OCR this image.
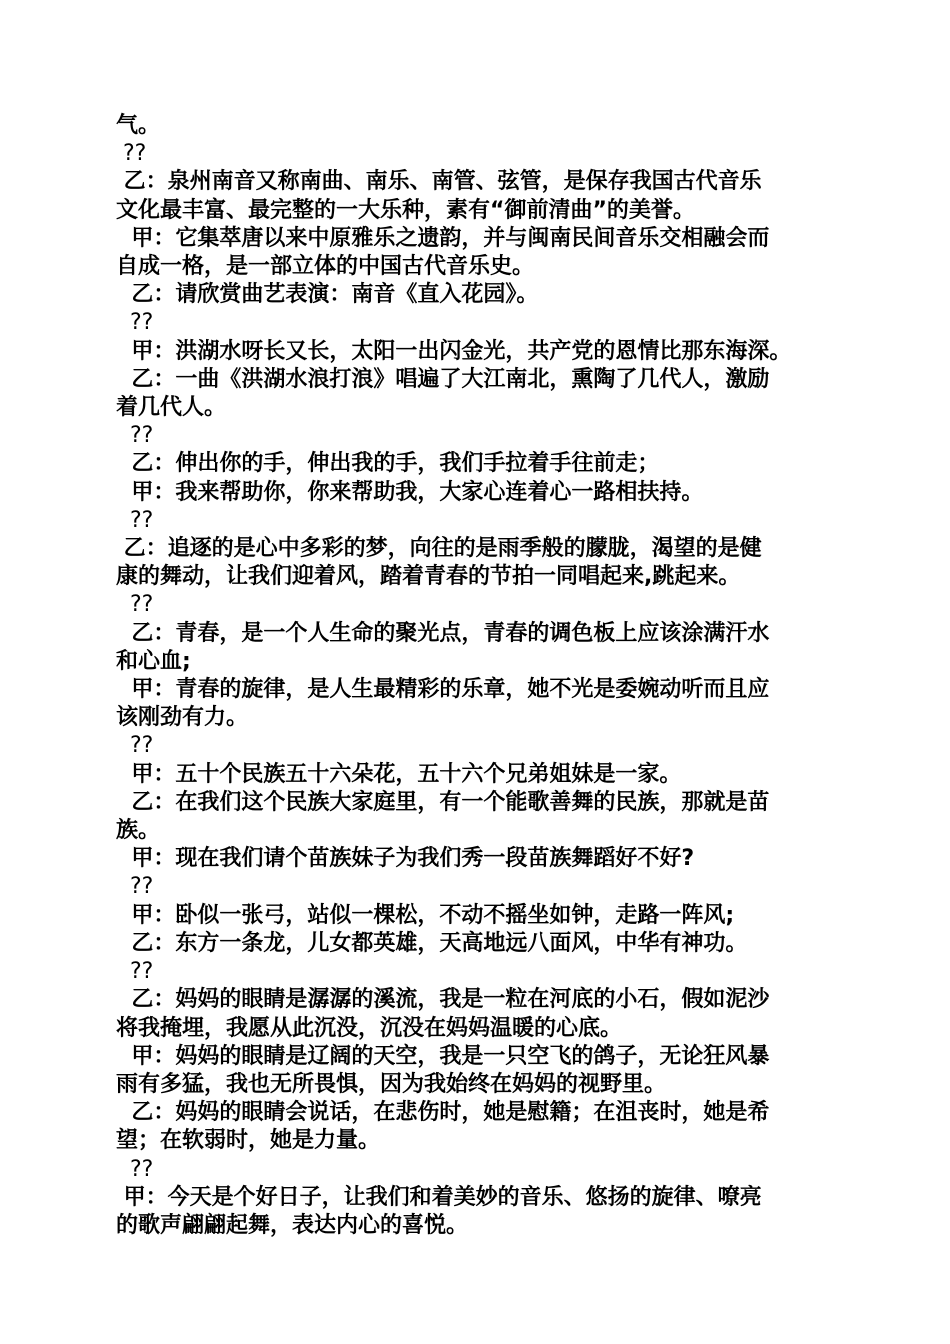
气。
??
乙：泉州南音又称南曲、南乐、南管、弦管，是保存我国古代音乐
文化最丰富、最完整的一大乐种，素有“御前清曲”的美誉。
甲：它集萃唐以来中原雅乐之遗韵，并与闽南民间音乐交相融会而
自成一格，是一部立体的中国古代音乐史。
乙：请欣赏曲艺表演：南音《直入花园》。
??
甲：洪湖水呀长又长，太阳一出闪金光，共产党的恩情比那东海深。
乙：一曲《洪湖水浪打浪》唱遍了大江南北，熏陶了几代人，激励
着几代人。
??
乙：伸出你的手，伸出我的手，我们手拉着手往前走；
甲：我来帮助你，你来帮助我，大家心连着心一路相扶持。
??
乙：追逐的是心中多彩的梦，向往的是雨季般的朦胧，渴望的是健
康的舞动，让我们迎着风，踏着青春的节拍一同唱起来,跳起来。
??
乙：青春，是一个人生命的聚光点，青春的调色板上应该涂满汗水
和心血;
甲：青春的旋律，是人生最精彩的乐章，她不光是委婉动听而且应
该刚劲有力。
??
甲：五十个民族五十六朵花，五十六个兄弟姐妹是一家。
乙：在我们这个民族大家庭里，有一个能歌善舞的民族，那就是苗
族。
甲：现在我们请个苗族妹子为我们秀一段苗族舞蹈好不好?
??
甲：卧似一张弓，站似一棵松，不动不摇坐如钟，走路一阵风;
乙：东方一条龙，儿女都英雄，天高地远八面风，中华有神功。
??
乙：妈妈的眼睛是潺潺的溪流，我是一粒在河底的小石，假如泥沙
将我掩埋，我愿从此沉没，沉没在妈妈温暖的心底。
甲：妈妈的眼睛是辽阔的天空，我是一只空飞的鸽子，无论狂风暴
雨有多猛，我也无所畏惧，因为我始终在妈妈的视野里。
乙：妈妈的眼睛会说话，在悲伤时，她是慰籍；在沮丧时，她是希
望；在软弱时，她是力量。
??
甲：今天是个好日子，让我们和着美妙的音乐、悠扬的旋律、嘹亮
的歌声翩翩起舞，表达内心的喜悦。
